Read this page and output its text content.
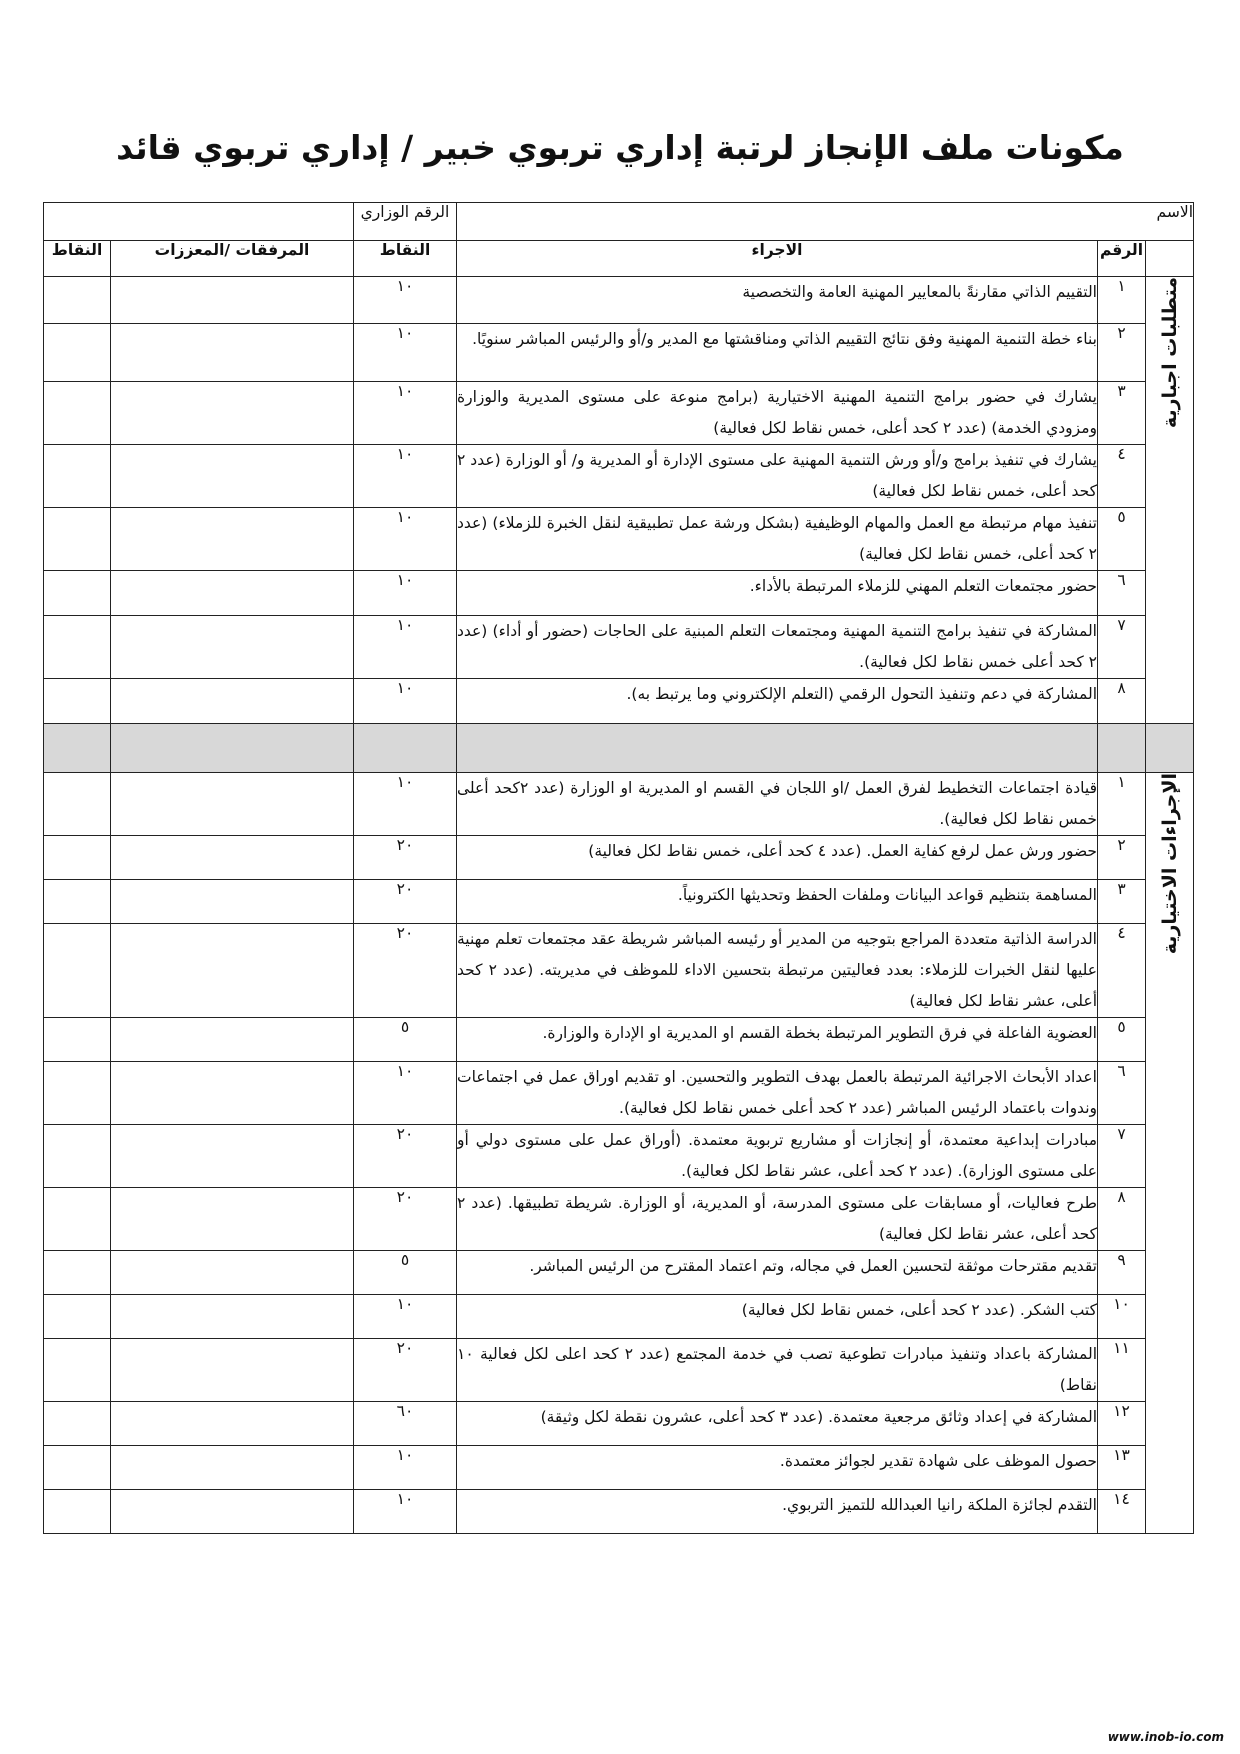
مكونات ملف الإنجاز لرتبة إداري تربوي خبير / إداري تربوي قائد
الاسم			الرقم الوزاري		
	الرقم	الاجراء	النقاط	المرفقات /المعززات	النقاط
متطلبات اجبارية	١	التقييم الذاتي مقارنةً بالمعايير المهنية العامة والتخصصية	١٠		
	٢	بناء خطة التنمية المهنية وفق نتائج التقييم الذاتي ومناقشتها مع المدير و/أو والرئيس المباشر سنويًا.	١٠		
	٣	يشارك في حضور برامج التنمية المهنية الاختيارية (برامج منوعة على مستوى المديرية والوزارة ومزودي الخدمة) (عدد ٢ كحد أعلى، خمس نقاط لكل فعالية)	١٠		
	٤	يشارك في تنفيذ برامج و/أو ورش التنمية المهنية على مستوى الإدارة أو المديرية و/ أو الوزارة (عدد ٢ كحد أعلى، خمس نقاط لكل فعالية)	١٠		
	٥	تنفيذ مهام مرتبطة مع العمل والمهام الوظيفية (بشكل ورشة عمل تطبيقية لنقل الخبرة للزملاء) (عدد ٢ كحد أعلى، خمس نقاط لكل فعالية)	١٠		
	٦	حضور مجتمعات التعلم المهني للزملاء المرتبطة بالأداء.	١٠		
	٧	المشاركة في تنفيذ برامج التنمية المهنية ومجتمعات التعلم المبنية على الحاجات (حضور أو أداء) (عدد ٢ كحد أعلى خمس نقاط لكل فعالية).	١٠		
	٨	المشاركة في دعم وتنفيذ التحول الرقمي (التعلم الإلكتروني وما يرتبط به).	١٠		

الإجراءات الاختيارية	١	قيادة اجتماعات التخطيط لفرق العمل /او اللجان في القسم او المديرية او الوزارة (عدد ٢كحد أعلى خمس نقاط لكل فعالية).	١٠		
	٢	حضور ورش عمل لرفع كفاية العمل. (عدد ٤ كحد أعلى، خمس نقاط لكل فعالية)	٢٠		
	٣	المساهمة بتنظيم قواعد البيانات وملفات الحفظ وتحديثها الكترونياً.	٢٠		
	٤	الدراسة الذاتية متعددة المراجع بتوجيه من المدير أو رئيسه المباشر شريطة عقد مجتمعات تعلم مهنية عليها لنقل الخبرات للزملاء: بعدد فعاليتين مرتبطة بتحسين الاداء للموظف في مديريته. (عدد ٢ كحد أعلى، عشر نقاط لكل فعالية)	٢٠		
	٥	العضوية الفاعلة في فرق التطوير المرتبطة بخطة القسم او المديرية او الإدارة والوزارة.	٥		
	٦	اعداد الأبحاث الاجرائية المرتبطة بالعمل بهدف التطوير والتحسين. او تقديم اوراق عمل في اجتماعات وندوات باعتماد الرئيس المباشر (عدد ٢ كحد أعلى خمس نقاط لكل فعالية).	١٠		
	٧	مبادرات إبداعية معتمدة، أو إنجازات أو مشاريع تربوية معتمدة. (أوراق عمل على مستوى دولي أو على مستوى الوزارة). (عدد ٢ كحد أعلى، عشر نقاط لكل فعالية).	٢٠		
	٨	طرح فعاليات، أو مسابقات على مستوى المدرسة، أو المديرية، أو الوزارة. شريطة تطبيقها. (عدد ٢ كحد أعلى، عشر نقاط لكل فعالية)	٢٠		
	٩	تقديم مقترحات موثقة لتحسين العمل في مجاله، وتم اعتماد المقترح من الرئيس المباشر.	٥		
	١٠	كتب الشكر. (عدد ٢ كحد أعلى، خمس نقاط لكل فعالية)	١٠		
	١١	المشاركة باعداد وتنفيذ مبادرات تطوعية تصب في خدمة المجتمع (عدد ٢ كحد اعلى لكل فعالية ١٠ نقاط)	٢٠		
	١٢	المشاركة في إعداد وثائق مرجعية معتمدة. (عدد ٣ كحد أعلى، عشرون نقطة لكل وثيقة)	٦٠		
	١٣	حصول الموظف على شهادة تقدير لجوائز معتمدة.	١٠		
	١٤	التقدم لجائزة الملكة رانيا العبدالله للتميز التربوي.	١٠		
www.inob-io.com
